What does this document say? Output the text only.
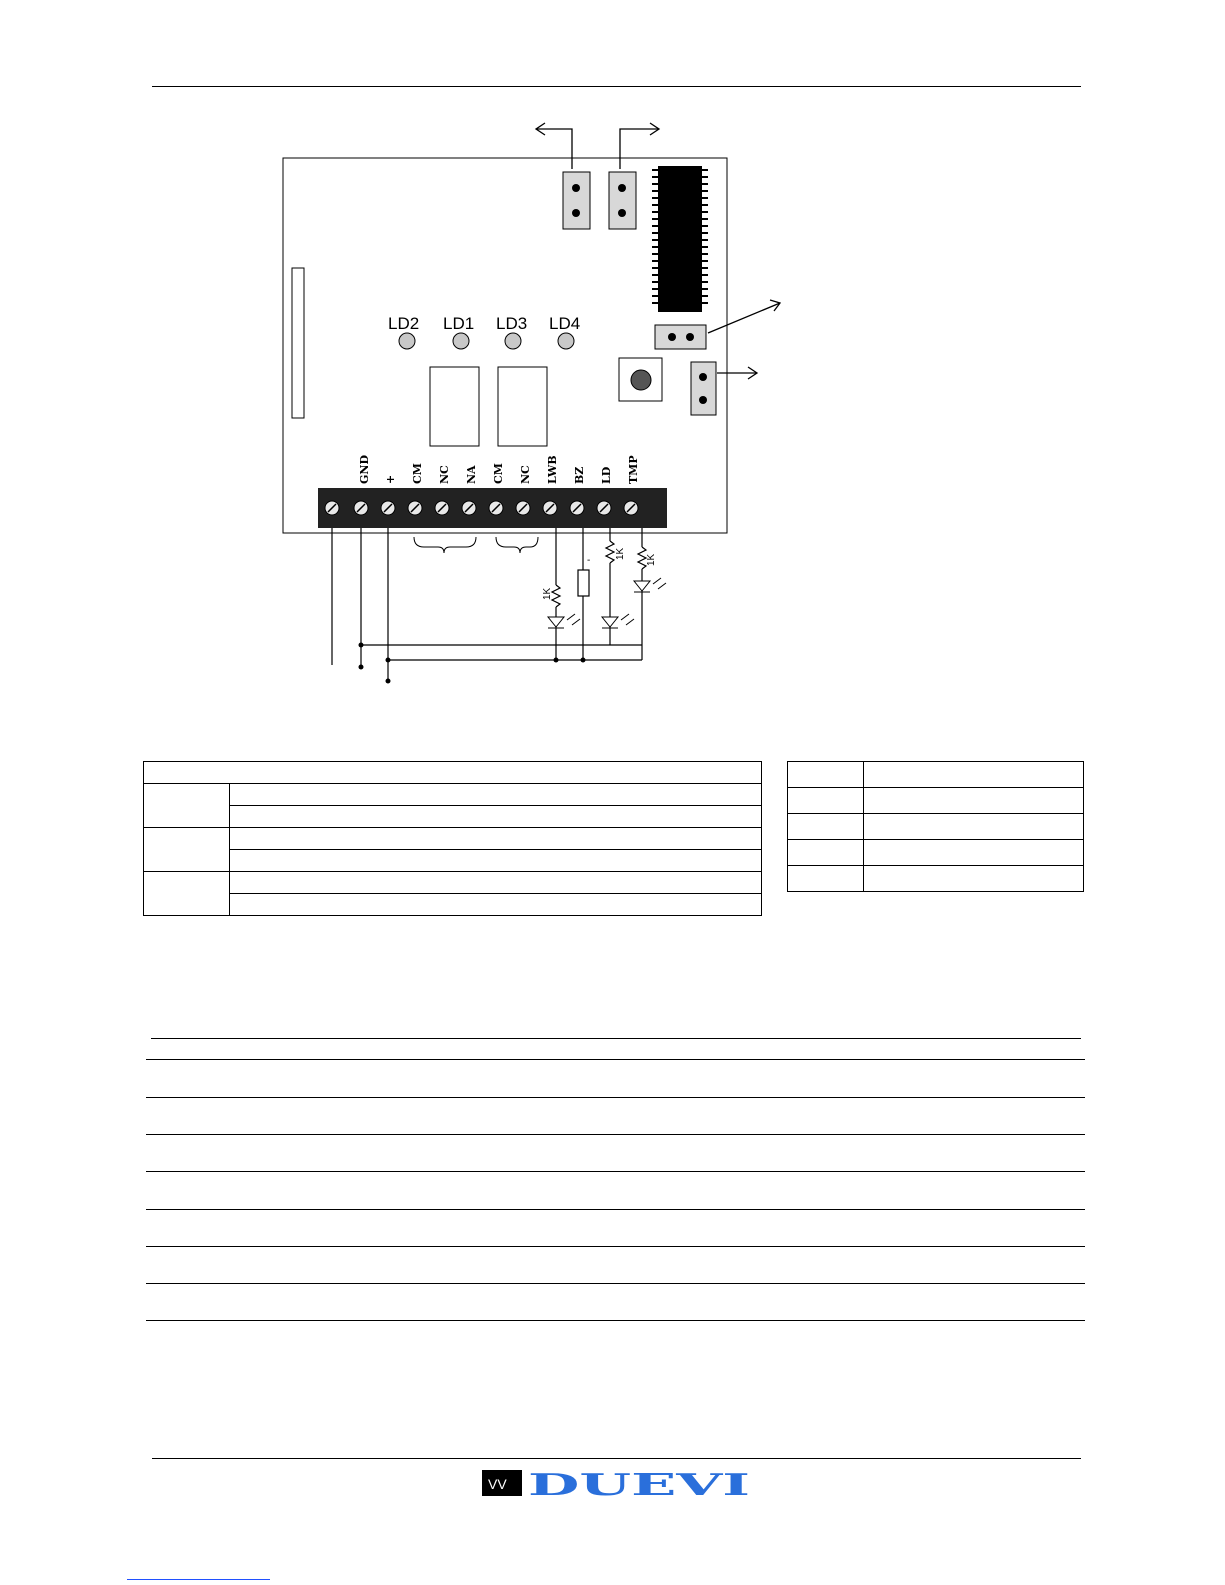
LD2 LD1 LD3 LD4
GND + CM NC NA CM NC LWB BZ LD TMP
1K
1K 1K
-

VV DUEVI
